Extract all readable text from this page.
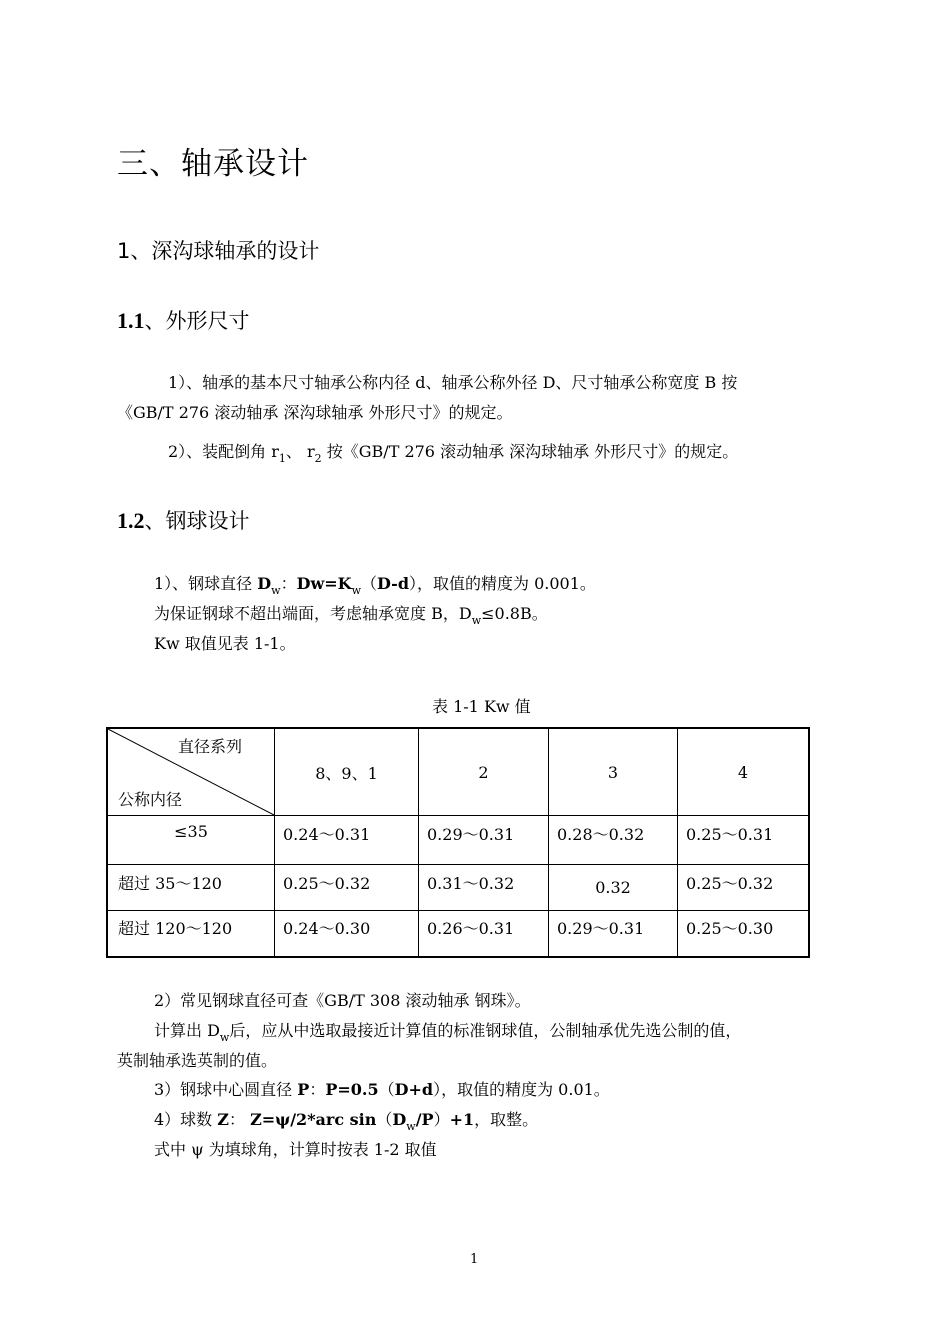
三、轴承设计
1、深沟球轴承的设计
1.1、外形尺寸
1）、轴承的基本尺寸轴承公称内径 d、轴承公称外径 D、尺寸轴承公称宽度 B 按
《GB/T 276 滚动轴承 深沟球轴承 外形尺寸》的规定。
2）、装配倒角 $r_1$、 $r_2$ 按《GB/T 276 滚动轴承 深沟球轴承 外形尺寸》的规定。
1.2、钢球设计
1）、钢球直径 $D_w$：$Dw=K_w(D-d)$，取值的精度为 0.001。
为保证钢球不超出端面，考虑轴承宽度 B，$D_w\le 0.8B$。
Kw 取值见表 1-1。
表 1-1 Kw 值
直径系列
公称内径	8、9、1	2	3	4
≤35	0.24～0.31	0.29～0.31	0.28～0.32	0.25～0.31
超过 35～120	0.25～0.32	0.31～0.32	0.32	0.25～0.32
超过 120～120	0.24～0.30	0.26～0.31	0.29～0.31	0.25～0.30
2）常见钢球直径可查《GB/T 308 滚动轴承 钢珠》。
计算出 $D_w$后，应从中选取最接近计算值的标准钢球值，公制轴承优先选公制的值，
英制轴承选英制的值。
3）钢球中心圆直径 P：P=0.5（D+d），取值的精度为 0.01。
4）球数 Z： Z=ψ/2*arc $\sin(D_w/P)+1$，取整。
式中 ψ 为填球角，计算时按表 1-2 取值
1
